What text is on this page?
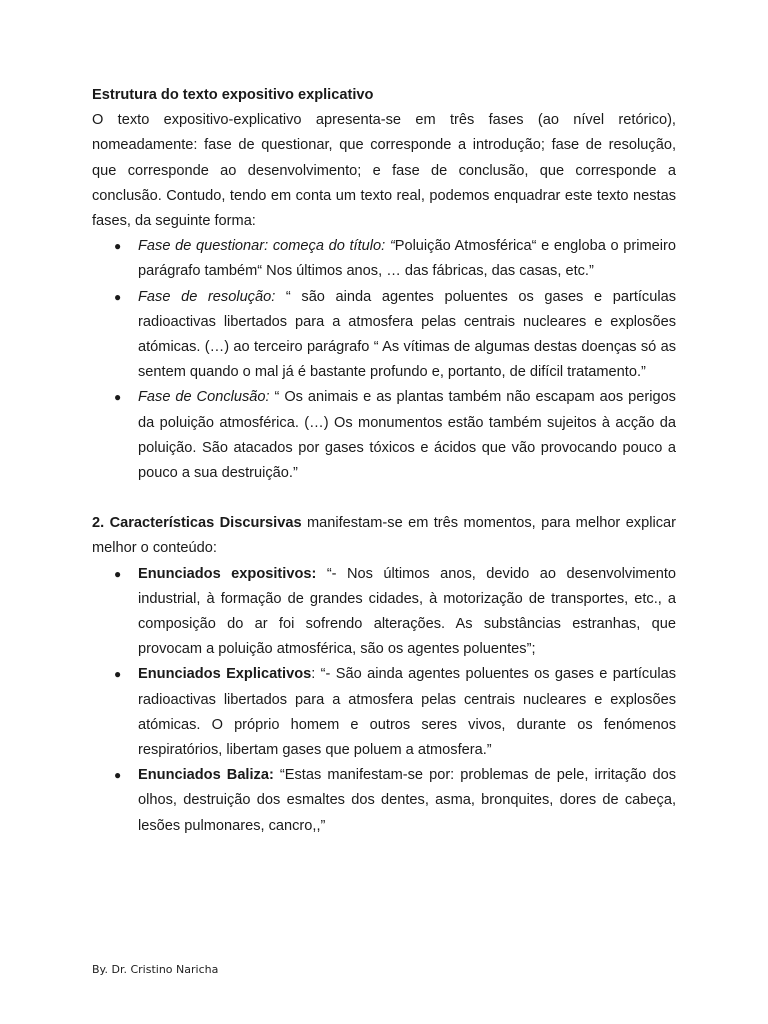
Estrutura do texto expositivo explicativo

O texto expositivo-explicativo apresenta-se em três fases (ao nível retórico), nomeadamente: fase de questionar, que corresponde a introdução; fase de resolução, que corresponde ao desenvolvimento; e fase de conclusão, que corresponde a conclusão. Contudo, tendo em conta um texto real, podemos enquadrar este texto nestas fases, da seguinte forma:

● Fase de questionar: começa do título: “Poluição Atmosférica“ e engloba o primeiro parágrafo também“ Nos últimos anos, … das fábricas, das casas, etc.”
● Fase de resolução: “ são ainda agentes poluentes os gases e partículas radioactivas libertados para a atmosfera pelas centrais nucleares e explosões atómicas. (…) ao terceiro parágrafo “ As vítimas de algumas destas doenças só as sentem quando o mal já é bastante profundo e, portanto, de difícil tratamento.”
● Fase de Conclusão: “ Os animais e as plantas também não escapam aos perigos da poluição atmosférica. (…) Os monumentos estão também sujeitos à acção da poluição. São atacados por gases tóxicos e ácidos que vão provocando pouco a pouco a sua destruição.”

2. Características Discursivas manifestam-se em três momentos, para melhor explicar melhor o conteúdo:

● Enunciados expositivos: “- Nos últimos anos, devido ao desenvolvimento industrial, à formação de grandes cidades, à motorização de transportes, etc., a composição do ar foi sofrendo alterações. As substâncias estranhas, que provocam a poluição atmosférica, são os agentes poluentes”;
● Enunciados Explicativos: “- São ainda agentes poluentes os gases e partículas radioactivas libertados para a atmosfera pelas centrais nucleares e explosões atómicas. O próprio homem e outros seres vivos, durante os fenómenos respiratórios, libertam gases que poluem a atmosfera.”
● Enunciados Baliza: “Estas manifestam-se por: problemas de pele, irritação dos olhos, destruição dos esmaltes dos dentes, asma, bronquites, dores de cabeça, lesões pulmonares, cancro,,”
By. Dr. Cristino Naricha
